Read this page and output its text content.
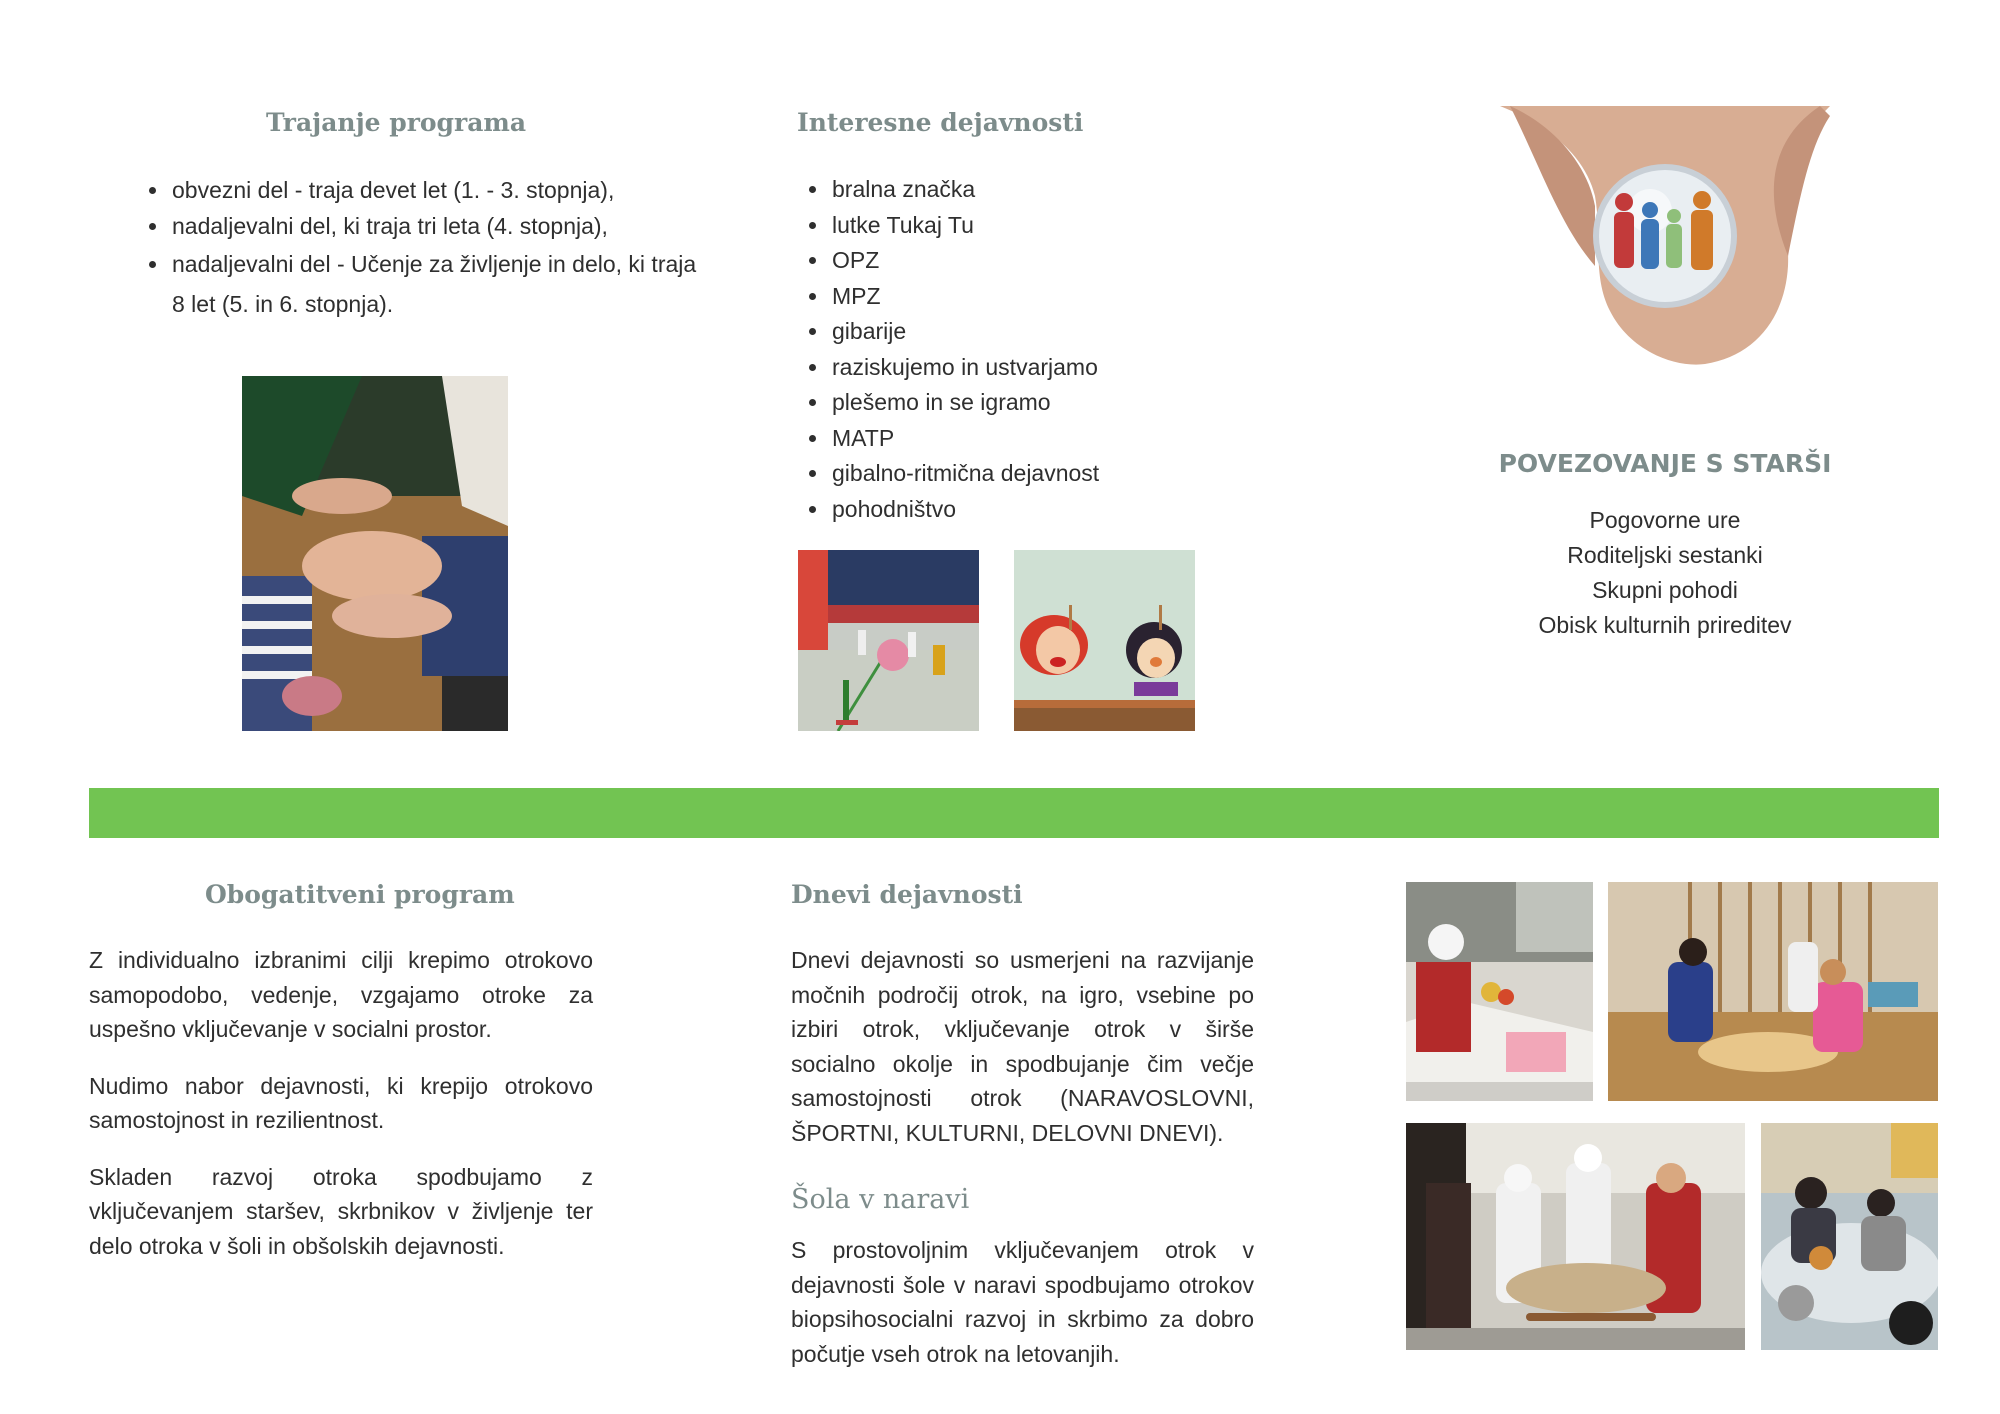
Trajanje programa
• obvezni del - traja devet let (1. - 3. stopnja),
• nadaljevalni del, ki traja tri leta (4. stopnja),
• nadaljevalni del - Učenje za življenje in delo, ki traja 8 let (5. in 6. stopnja).
Interesne dejavnosti
• bralna značka
• lutke Tukaj Tu
• OPZ
• MPZ
• gibarije
• raziskujemo in ustvarjamo
• plešemo in se igramo
• MATP
• gibalno-ritmična dejavnost
• pohodništvo
POVEZOVANJE S STARŠI
Pogovorne ure
Roditeljski sestanki
Skupni pohodi
Obisk kulturnih prireditev
Obogatitveni program

Z individualno izbranimi cilji krepimo otrokovo samopodobo, vedenje, vzgajamo otroke za uspešno vključevanje v socialni prostor.

Nudimo nabor dejavnosti, ki krepijo otrokovo samostojnost in rezilientnost.

Skladen razvoj otroka spodbujamo z vključevanjem staršev, skrbnikov v življenje ter delo otroka v šoli in obšolskih dejavnosti.

Dnevi dejavnosti

Dnevi dejavnosti so usmerjeni na razvijanje močnih področij otrok, na igro, vsebine po izbiri otrok, vključevanje otrok v širše socialno okolje in spodbujanje čim večje samostojnosti otrok (NARAVOSLOVNI, ŠPORTNI, KULTURNI, DELOVNI DNEVI).

Šola v naravi

S prostovoljnim vključevanjem otrok v dejavnosti šole v naravi spodbujamo otrokov biopsihosocialni razvoj in skrbimo za dobro počutje vseh otrok na letovanjih.
